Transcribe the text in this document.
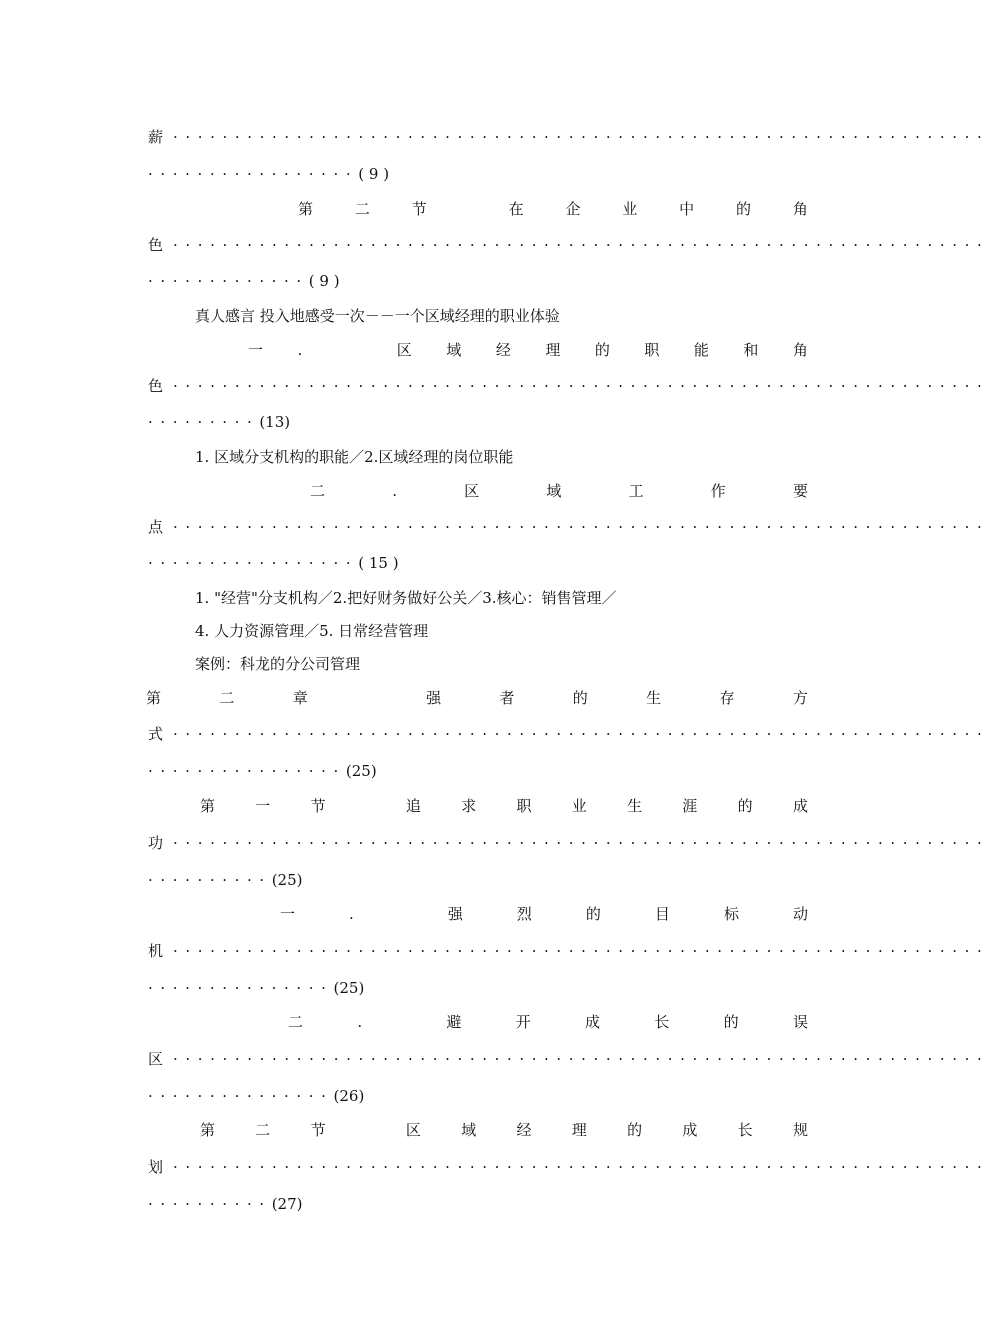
薪 ··································································
·················( 9 )
第	二	节	在	企	业	中	的	角
色 ··································································
·············( 9 )
真人感言 投入地感受一次－－一个区域经理的职业体验
一 .	区 域 经 理 的 职 能 和 角
色 ··································································
·········(13)
1. 区域分支机构的职能／2.区域经理的岗位职能
二	.	区	域	工	作	要
点 ··································································
·················( 15 )
1. "经营"分支机构／2.把好财务做好公关／3.核心：销售管理／
4. 人力资源管理／5. 日常经营管理
案例：科龙的分公司管理
第	二	章	强	者	的	生	存	方
式 ··································································
················(25)
第	一	节	追	求	职	业	生	涯	的	成
功 ··································································
··········(25)
一	.	强	烈	的	目	标	动
机 ··································································
···············(25)
二	.	避	开	成	长	的	误
区 ··································································
···············(26)
第	二	节	区	域	经	理	的	成	长	规
划 ··································································
··········(27)
